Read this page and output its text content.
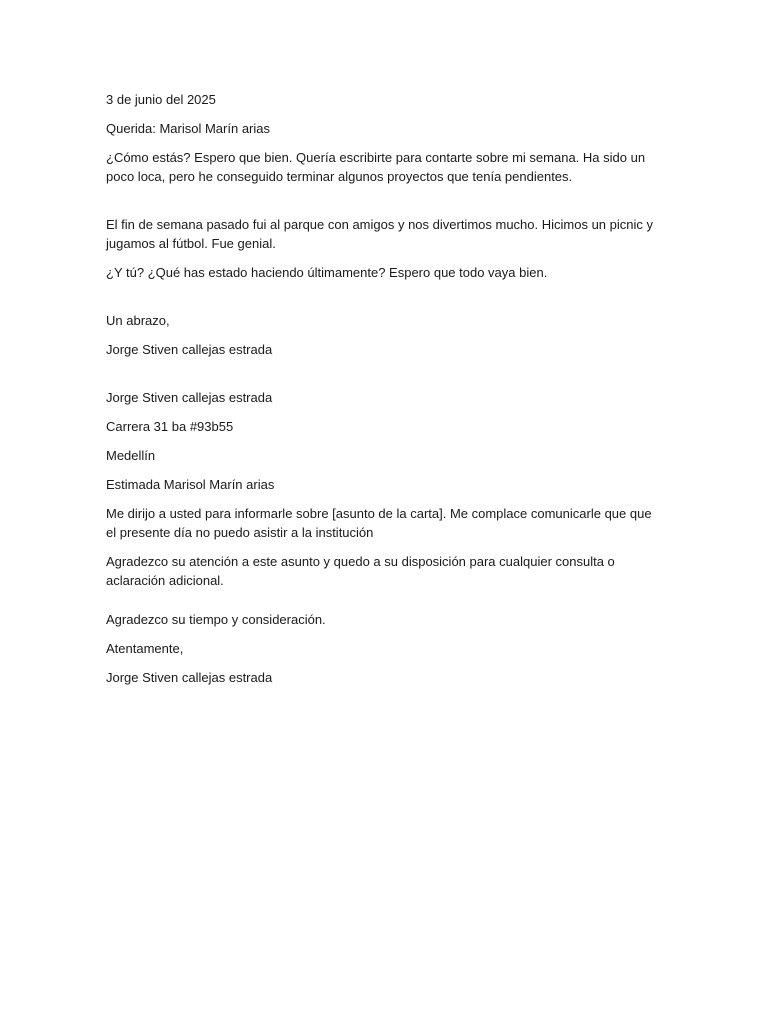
3 de junio del 2025

Querida: Marisol Marín arias

¿Cómo estás? Espero que bien. Quería escribirte para contarte sobre mi semana. Ha sido un poco loca, pero he conseguido terminar algunos proyectos que tenía pendientes.

El fin de semana pasado fui al parque con amigos y nos divertimos mucho. Hicimos un picnic y jugamos al fútbol. Fue genial.

¿Y tú? ¿Qué has estado haciendo últimamente? Espero que todo vaya bien.

Un abrazo,

Jorge Stiven callejas estrada

Jorge Stiven callejas estrada

Carrera 31 ba #93b55

Medellín

Estimada Marisol Marín arias

Me dirijo a usted para informarle sobre [asunto de la carta]. Me complace comunicarle que que el presente día no puedo asistir a la institución

Agradezco su atención a este asunto y quedo a su disposición para cualquier consulta o aclaración adicional.

Agradezco su tiempo y consideración.

Atentamente,

Jorge Stiven callejas estrada
